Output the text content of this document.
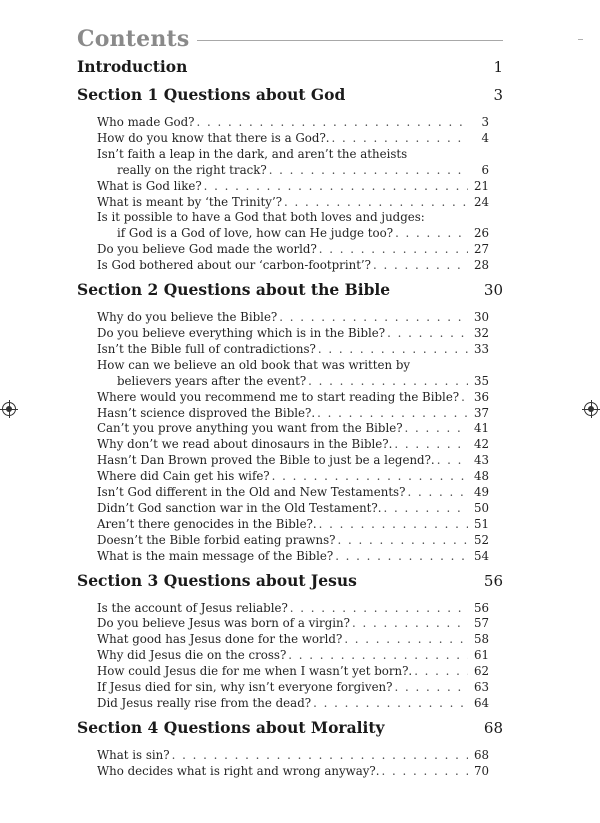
Contents
Introduction	1
Section 1 Questions about God	3
Who made God? . . .	3
How do you know that there is a God?. . . .	4
Isn’t faith a leap in the dark, and aren’t the atheists
really on the right track? . . .	6
What is God like? . . .	21
What is meant by ‘the Trinity’? . . .	24
Is it possible to have a God that both loves and judges:
if God is a God of love, how can He judge too? . . .	26
Do you believe God made the world? . . .	27
Is God bothered about our ‘carbon-footprint’? . . .	28
Section 2 Questions about the Bible	30
Why do you believe the Bible? . . .	30
Do you believe everything which is in the Bible? . . .	32
Isn’t the Bible full of contradictions? . . .	33
How can we believe an old book that was written by
believers years after the event? . . .	35
Where would you recommend me to start reading the Bible? . . . 36
Hasn’t science disproved the Bible?. . . .	37
Can’t you prove anything you want from the Bible? . . .	41
Why don’t we read about dinosaurs in the Bible?. . . .	42
Hasn’t Dan Brown proved the Bible to just be a legend?. . . .	43
Where did Cain get his wife? . . .	48
Isn’t God different in the Old and New Testaments? . . .	49
Didn’t God sanction war in the Old Testament?. . . .	50
Aren’t there genocides in the Bible?. . . .	51
Doesn’t the Bible forbid eating prawns? . . .	52
What is the main message of the Bible? . . .	54
Section 3 Questions about Jesus	56
Is the account of Jesus reliable? . . .	56
Do you believe Jesus was born of a virgin? . . .	57
What good has Jesus done for the world? . . .	58
Why did Jesus die on the cross? . . .	61
How could Jesus die for me when I wasn’t yet born?. . . .	62
If Jesus died for sin, why isn’t everyone forgiven? . . .	63
Did Jesus really rise from the dead? . . .	64
Section 4 Questions about Morality	68
What is sin? . . .	68
Who decides what is right and wrong anyway?. . . .	70
